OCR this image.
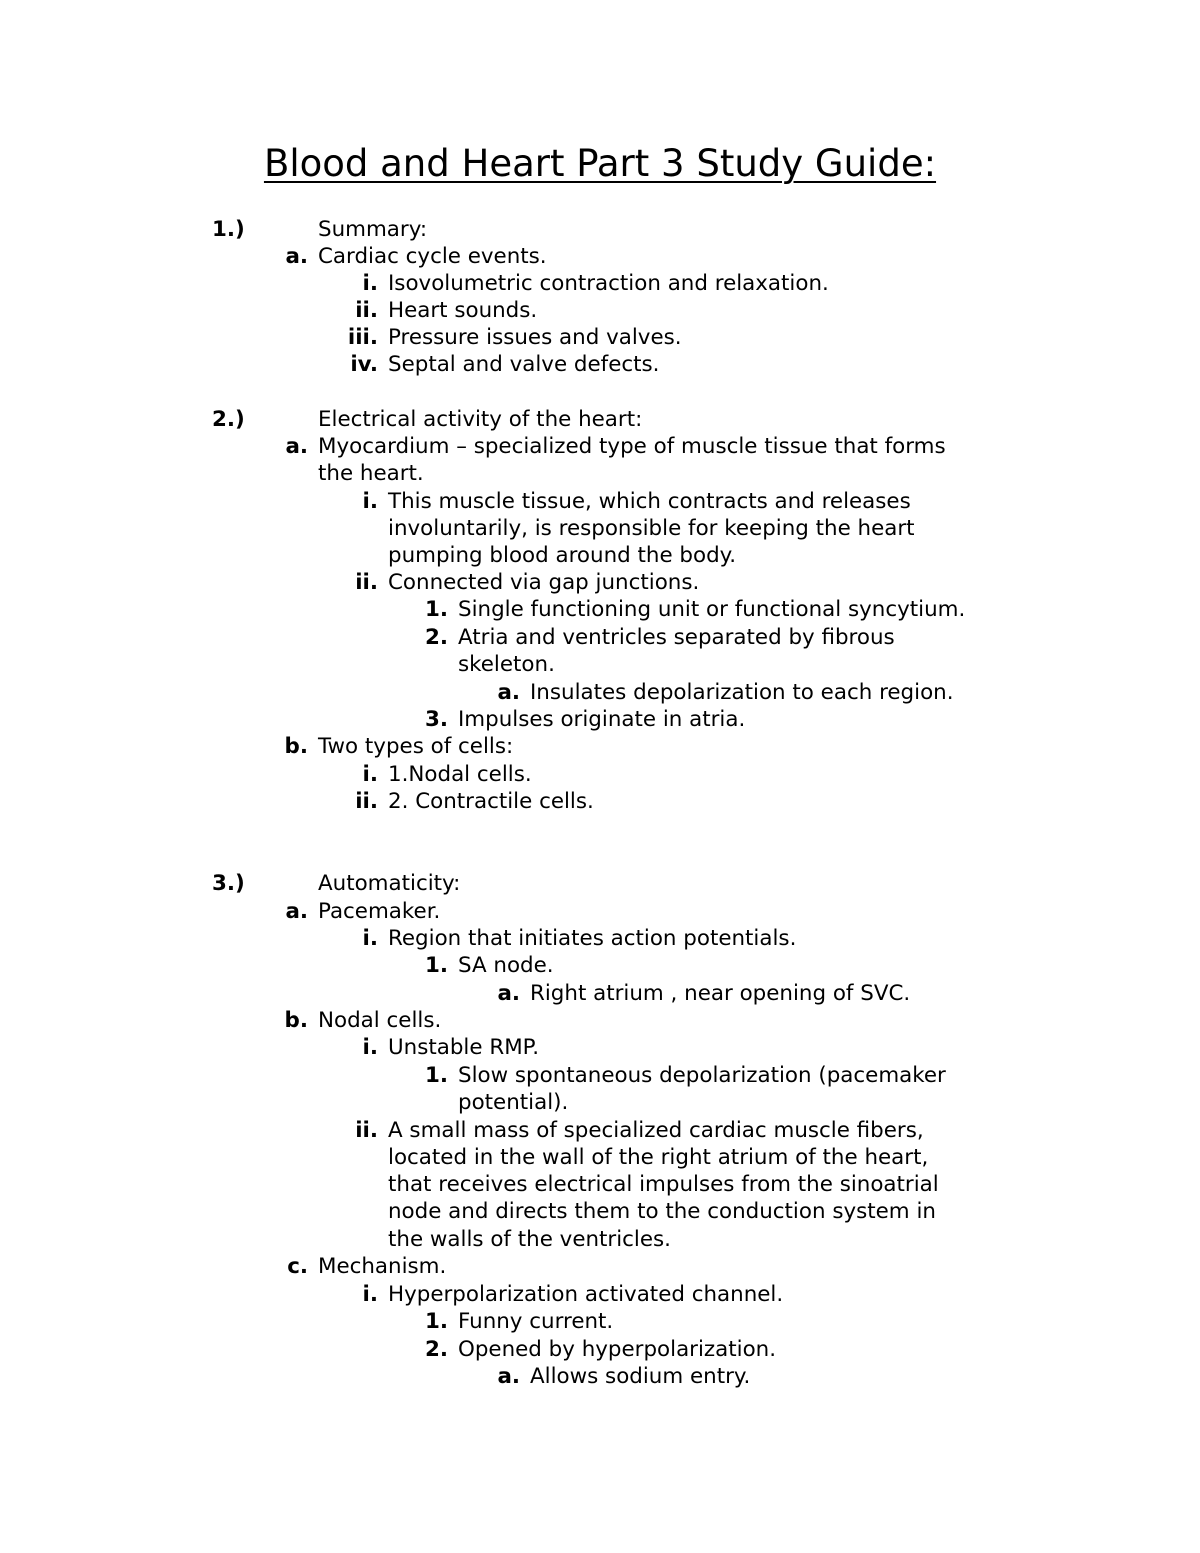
Blood and Heart Part 3 Study Guide:
1.)	Summary:
a. Cardiac cycle events.
i. Isovolumetric contraction and relaxation.
ii. Heart sounds.
iii. Pressure issues and valves.
iv. Septal and valve defects.
2.)	Electrical activity of the heart:
a. Myocardium – specialized type of muscle tissue that forms
the heart.
i. This muscle tissue, which contracts and releases
involuntarily, is responsible for keeping the heart
pumping blood around the body.
ii. Connected via gap junctions.
1. Single functioning unit or functional syncytium.
2. Atria and ventricles separated by fibrous
skeleton.
a. Insulates depolarization to each region.
3. Impulses originate in atria.
b. Two types of cells:
i. 1.Nodal cells.
ii. 2. Contractile cells.
3.)	Automaticity:
a. Pacemaker.
i. Region that initiates action potentials.
1. SA node.
a. Right atrium , near opening of SVC.
b. Nodal cells.
i. Unstable RMP.
1. Slow spontaneous depolarization (pacemaker
potential).
ii. A small mass of specialized cardiac muscle fibers,
located in the wall of the right atrium of the heart,
that receives electrical impulses from the sinoatrial
node and directs them to the conduction system in
the walls of the ventricles.
c. Mechanism.
i. Hyperpolarization activated channel.
1. Funny current.
2. Opened by hyperpolarization.
a. Allows sodium entry.
